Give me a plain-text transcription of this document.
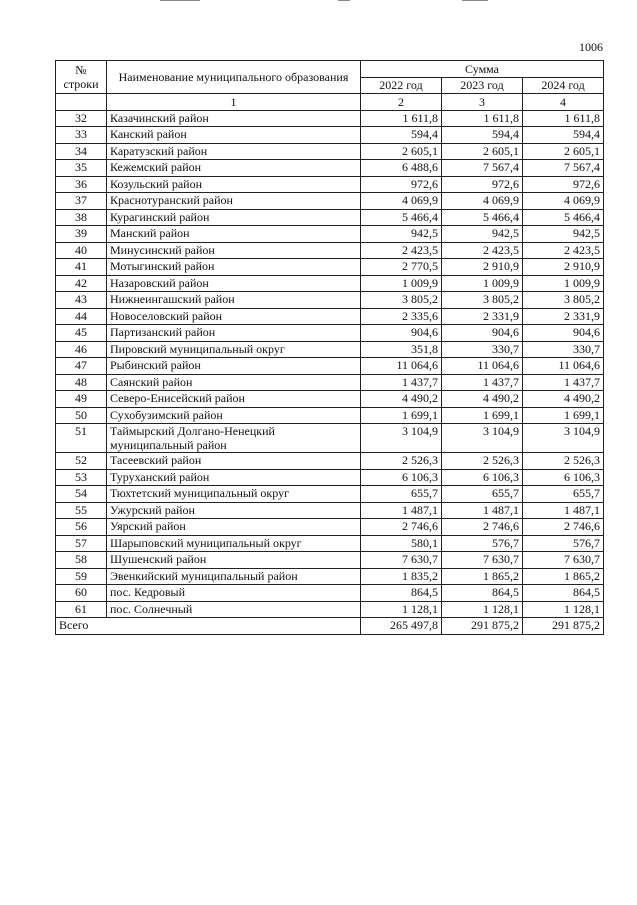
1006
№ строки	Наименование муниципального образования	Сумма		
		2022 год	2023 год	2024 год
	1	2	3	4
32	Казачинский район	1 611,8	1 611,8	1 611,8
33	Канский район	594,4	594,4	594,4
34	Каратузский район	2 605,1	2 605,1	2 605,1
35	Кежемский район	6 488,6	7 567,4	7 567,4
36	Козульский район	972,6	972,6	972,6
37	Краснотуранский район	4 069,9	4 069,9	4 069,9
38	Курагинский район	5 466,4	5 466,4	5 466,4
39	Манский район	942,5	942,5	942,5
40	Минусинский район	2 423,5	2 423,5	2 423,5
41	Мотыгинский район	2 770,5	2 910,9	2 910,9
42	Назаровский район	1 009,9	1 009,9	1 009,9
43	Нижнеингашский район	3 805,2	3 805,2	3 805,2
44	Новоселовский район	2 335,6	2 331,9	2 331,9
45	Партизанский район	904,6	904,6	904,6
46	Пировский муниципальный округ	351,8	330,7	330,7
47	Рыбинский район	11 064,6	11 064,6	11 064,6
48	Саянский район	1 437,7	1 437,7	1 437,7
49	Северо-Енисейский район	4 490,2	4 490,2	4 490,2
50	Сухобузимский район	1 699,1	1 699,1	1 699,1
51	Таймырский Долгано-Ненецкий муниципальный район	3 104,9	3 104,9	3 104,9
52	Тасеевский район	2 526,3	2 526,3	2 526,3
53	Туруханский район	6 106,3	6 106,3	6 106,3
54	Тюхтетский муниципальный округ	655,7	655,7	655,7
55	Ужурский район	1 487,1	1 487,1	1 487,1
56	Уярский район	2 746,6	2 746,6	2 746,6
57	Шарыповский муниципальный округ	580,1	576,7	576,7
58	Шушенский район	7 630,7	7 630,7	7 630,7
59	Эвенкийский муниципальный район	1 835,2	1 865,2	1 865,2
60	пос. Кедровый	864,5	864,5	864,5
61	пос. Солнечный	1 128,1	1 128,1	1 128,1
Всего		265 497,8	291 875,2	291 875,2
